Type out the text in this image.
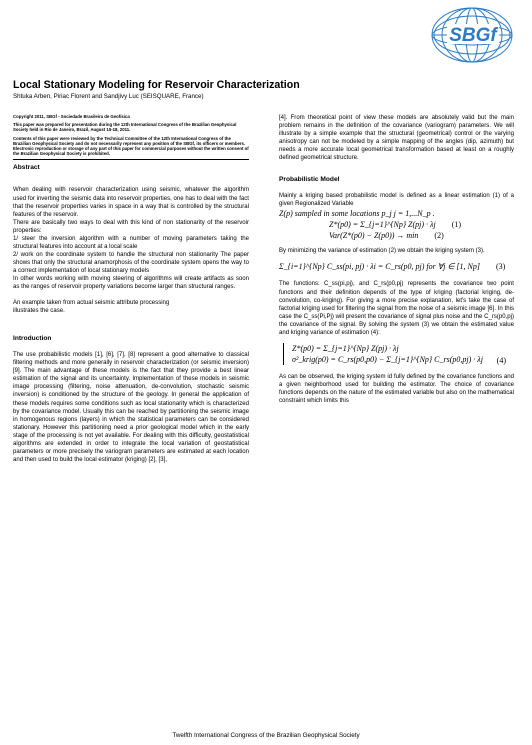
SBGf
Local Stationary Modeling for Reservoir Characterization
Shtuka Arben, Piriac Florent and Sandjivy Luc (SEISQUARE, France)

Copyright 2011, SBGf - Sociedade Brasileira de Geofísica

This paper was prepared for presentation during the 12th International Congress of the Brazilian Geophysical Society held in Rio de Janeiro, Brazil, August 15-18, 2011.

Contents of this paper were reviewed by the Technical Committee of the 12th International Congress of the Brazilian Geophysical Society and do not necessarily represent any position of the SBGf, its officers or members. Electronic reproduction or storage of any part of this paper for commercial purposes without the written consent of the Brazilian Geophysical Society is prohibited.

Abstract

When dealing with reservoir characterization using seismic, whatever the algorithm used for inverting the seismic data into reservoir properties, one has to deal with the fact that the reservoir properties varies in space in a way that is controlled by the structural features of the reservoir.

There are basically two ways to deal with this kind of non stationarity of the reservoir properties:

1/ steer the inversion algorithm with a number of moving parameters taking the structural features into account at a local scale

2/ work on the coordinate system to handle the structural non stationarity The paper shows that only the structural anamorphosis of the coordinate system opens the way to a correct implementation of local stationary models

In other words working with moving steering of algorithms will create artifacts as soon as the ranges of reservoir property variations become larger than structural ranges.

An example taken from actual seismic attribute processing illustrates the case.

Introduction

The use probabilistic models [1], [6], [7], [8] represent a good alternative to classical filtering methods and more generally in reservoir characterization (or seismic inversion) [9]. The main advantage of these models is the fact that they provide a best linear estimation of the signal and its uncertainty. Implementation of these models in seismic image processing (filtering, noise attenuation, de-convolution, stochastic seismic inversion) is conditioned by the structure of the geology. In general the application of these models requires some conditions such as local stationarity which is characterized by the covariance model. Usually this can be reached by partitioning the seismic image in homogenous regions (layers) in which the statistical parameters can be considered stationary. However this partitioning need a prior geological model which in the early stage of the processing is not yet available. For dealing with this difficulty, geostatistical algorithms are extended in order to integrate the local variation of geostatistical parameters or more precisely the variogram parameters are estimated at each location and then used to build the local estimator (kriging) [2], [3],

[4]. From theoretical point of view these models are absolutely valid but the main problem remains in the definition of the covariance (variogram) parameters. We will illustrate by a simple example that the structural (geometrical) control or the varying anisotropy can not be modeled by a simple mapping of the angles (dip, azimuth) but needs a more accurate local geometrical transformation based at least on a roughly defined geometrical structure.

Probabilistic Model

Mainly a kriging based probabilistic model is defined as a linear estimation (1) of a given Regionalized Variable

Z(p) sampled in some locations p_j j = 1,...N_p .

Z*(p0) = Σ_{j=1}^{Np} Z(pj) · λj (1)
Var(Z*(p0) − Z(p0)) → min (2)

By minimizing the variance of estimation (2) we obtain the kriging system (3).

Σ_{i=1}^{Np} C_ss(pi, pj) · λi = C_rs(p0, pj) for ∀j ∈ [1, Np] (3)

The functions: C_ss(pi,pj), and C_rs(p0,pj) represents the covariance two point functions and their definition depends of the type of kriging (factorial kriging, de-convolution, co-kriging). For giving a more precise explanation, let's take the case of factorial kriging used for filtering the signal from the noise of a seismic image [6]. In this case the C_ss(Pi,Pj) will present the covariance of signal plus noise and the C_rs(p0,pj) the covariance of the signal. By solving the system (3) we obtain the estimated value and kriging variance of estimation (4):

Z*(p0) = Σ_{j=1}^{Np} Z(pj) · λj
σ²_krig(p0) = C_rs(p0,p0) − Σ_{j=1}^{Np} C_rs(p0,pj) · λj	(4)

As can be observed, the kriging system id fully defined by the covariance functions and a given neighborhood used for building the estimator. The choice of covariance functions depends on the nature of the estimated variable but also on the mathematical constraint which limits this

Twelfth International Congress of the Brazilian Geophysical Society
